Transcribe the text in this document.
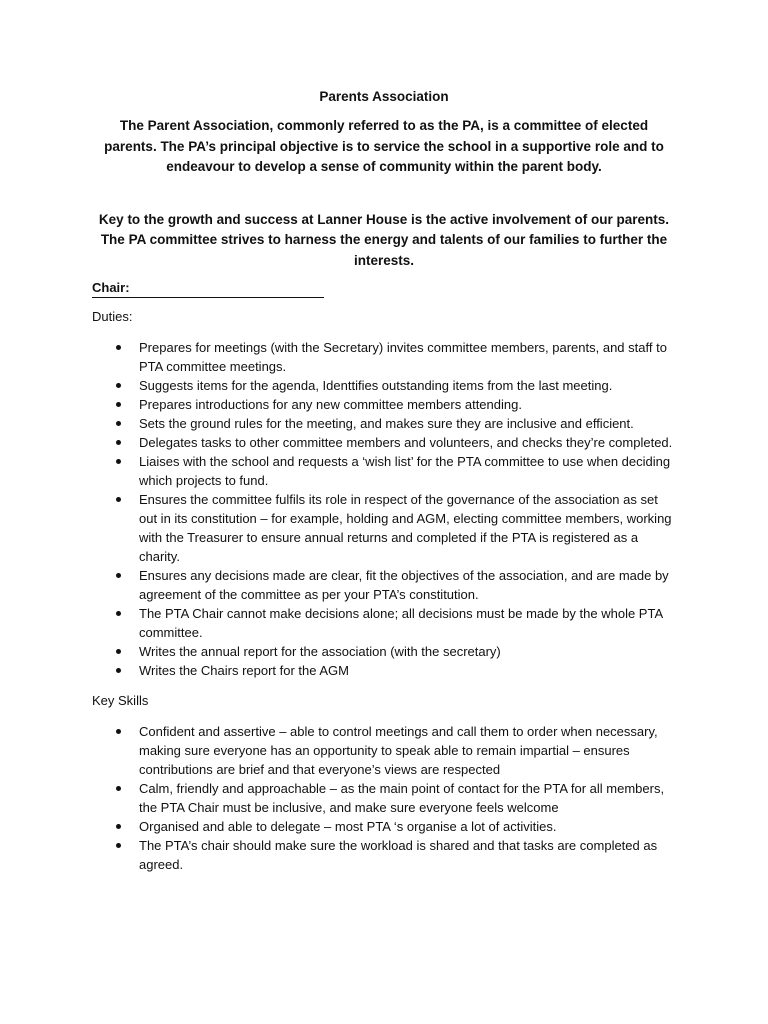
Parents Association
The Parent Association, commonly referred to as the PA, is a committee of elected parents. The PA’s principal objective is to service the school in a supportive role and to endeavour to develop a sense of community within the parent body.
Key to the growth and success at Lanner House is the active involvement of our parents. The PA committee strives to harness the energy and talents of our families to further the interests.
Chair:
Duties:
Prepares for meetings (with the Secretary) invites committee members, parents, and staff to PTA committee meetings.
Suggests items for the agenda, Identtifies outstanding items from the last meeting.
Prepares introductions for any new committee members attending.
Sets the ground rules for the meeting, and makes sure they are inclusive and efficient.
Delegates tasks to other committee members and volunteers, and checks they’re completed.
Liaises with the school and requests a ‘wish list’ for the PTA committee to use when deciding which projects to fund.
Ensures the committee fulfils its role in respect of the governance of the association as set out in its constitution – for example, holding and AGM, electing committee members, working with the Treasurer to ensure annual returns and completed if the PTA is registered as a charity.
Ensures any decisions made are clear, fit the objectives of the association, and are made by agreement of the committee as per your PTA’s constitution.
The PTA Chair cannot make decisions alone; all decisions must be made by the whole PTA committee.
Writes the annual report for the association (with the secretary)
Writes the Chairs report for the AGM
Key Skills
Confident and assertive – able to control meetings and call them to order when necessary, making sure everyone has an opportunity to speak able to remain impartial – ensures contributions are brief and that everyone’s views are respected
Calm, friendly and approachable – as the main point of contact for the PTA for all members, the PTA Chair must be inclusive, and make sure everyone feels welcome
Organised and able to delegate – most PTA ‘s organise a lot of activities.
The PTA’s chair should make sure the workload is shared and that tasks are completed as agreed.
